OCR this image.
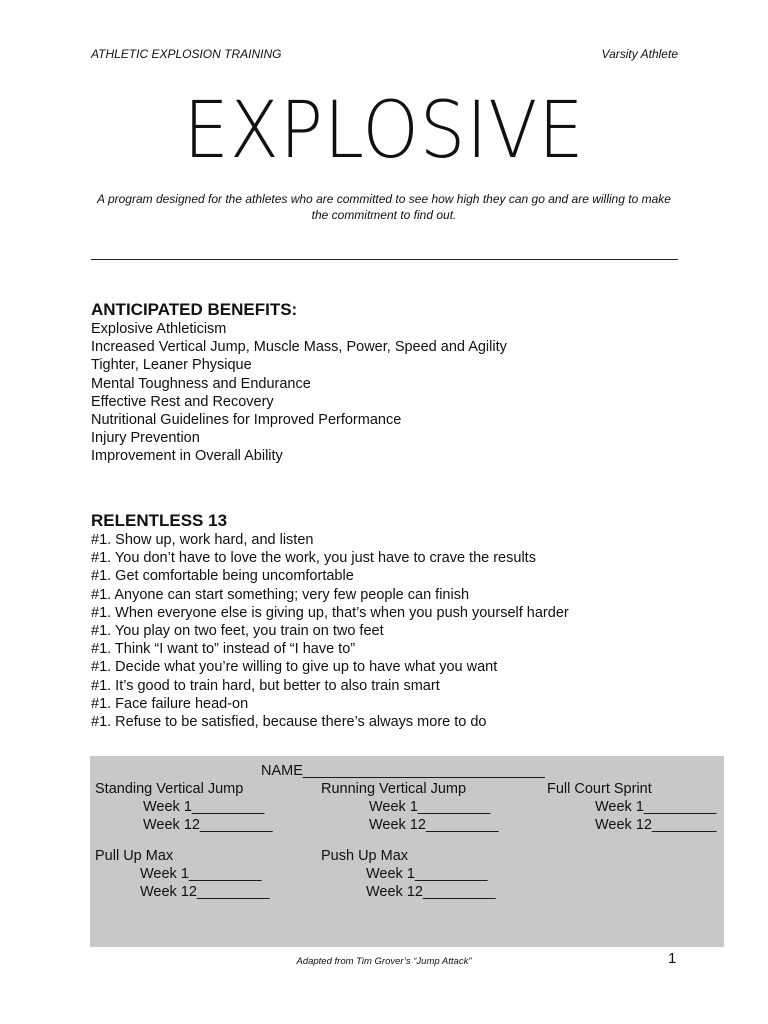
ATHLETIC EXPLOSION TRAINING	Varsity Athlete
EXPLOSIVE
A program designed for the athletes who are committed to see how high they can go and are willing to make the commitment to find out.
ANTICIPATED BENEFITS:
Explosive Athleticism
Increased Vertical Jump, Muscle Mass, Power, Speed and Agility
Tighter, Leaner Physique
Mental Toughness and Endurance
Effective Rest and Recovery
Nutritional Guidelines for Improved Performance
Injury Prevention
Improvement in Overall Ability
RELENTLESS 13
#1. Show up, work hard, and listen
#1. You don’t have to love the work, you just have to crave the results
#1. Get comfortable being uncomfortable
#1. Anyone can start something; very few people can finish
#1. When everyone else is giving up, that’s when you push yourself harder
#1. You play on two feet, you train on two feet
#1. Think “I want to” instead of “I have to”
#1. Decide what you’re willing to give up to have what you want
#1. It’s good to train hard, but better to also train smart
#1. Face failure head-on
#1. Refuse to be satisfied, because there’s always more to do
NAME______________________________
Standing Vertical Jump
Week 1_________
Week 12_________
Running Vertical Jump
Week 1_________
Week 12_________
Full Court Sprint
Week 1_________
Week 12________
Pull Up Max
Week 1_________
Week 12_________
Push Up Max
Week 1_________
Week 12_________
Adapted from Tim Grover’s “Jump Attack”	1
